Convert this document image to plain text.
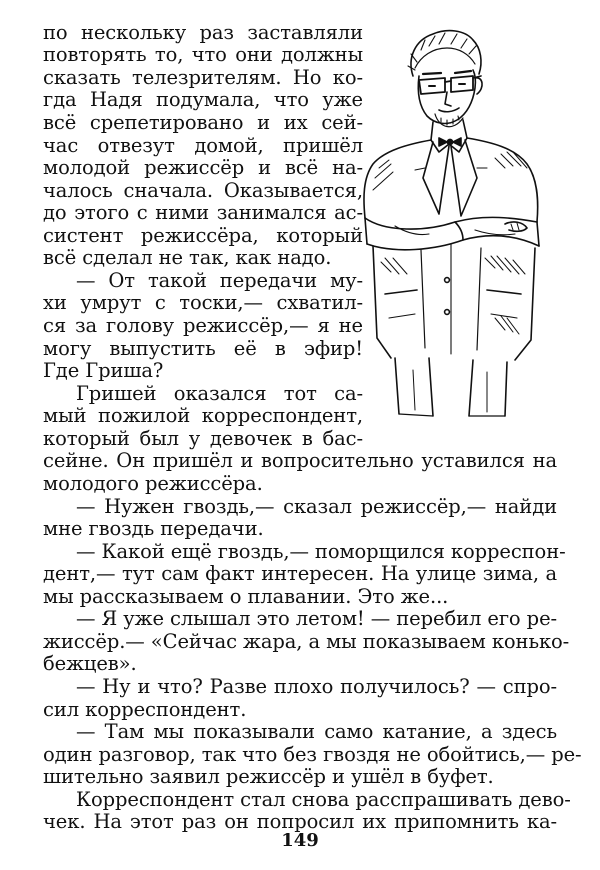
по нескольку раз заставляли

повторять то, что они должны

сказать телезрителям. Но ко-

гда Надя подумала, что уже

всё срепетировано и их сей-

час отвезут домой, пришёл

молодой режиссёр и всё на-

чалось сначала. Оказывается,

до этого с ними занимался ас-

систент режиссёра, который

всё сделал не так, как надо.

— От такой передачи му-

хи умрут с тоски,— схватил-

ся за голову режиссёр,— я не

могу выпустить её в эфир!

Где Гриша?

Гришей оказался тот са-

мый пожилой корреспондент,

который был у девочек в бас-

сейне. Он пришёл и вопросительно уставился на

молодого режиссёра.

— Нужен гвоздь,— сказал режиссёр,— найди

мне гвоздь передачи.

— Какой ещё гвоздь,— поморщился корреспон-

дент,— тут сам факт интересен. На улице зима, а

мы рассказываем о плавании. Это же...

— Я уже слышал это летом! — перебил его ре-

жиссёр.— «Сейчас жара, а мы показываем конько-

бежцев».

— Ну и что? Разве плохо получилось? — спро-

сил корреспондент.

— Там мы показывали само катание, а здесь

один разговор, так что без гвоздя не обойтись,— ре-

шительно заявил режиссёр и ушёл в буфет.

Корреспондент стал снова расспрашивать дево-

чек. На этот раз он попросил их припомнить ка-

149
